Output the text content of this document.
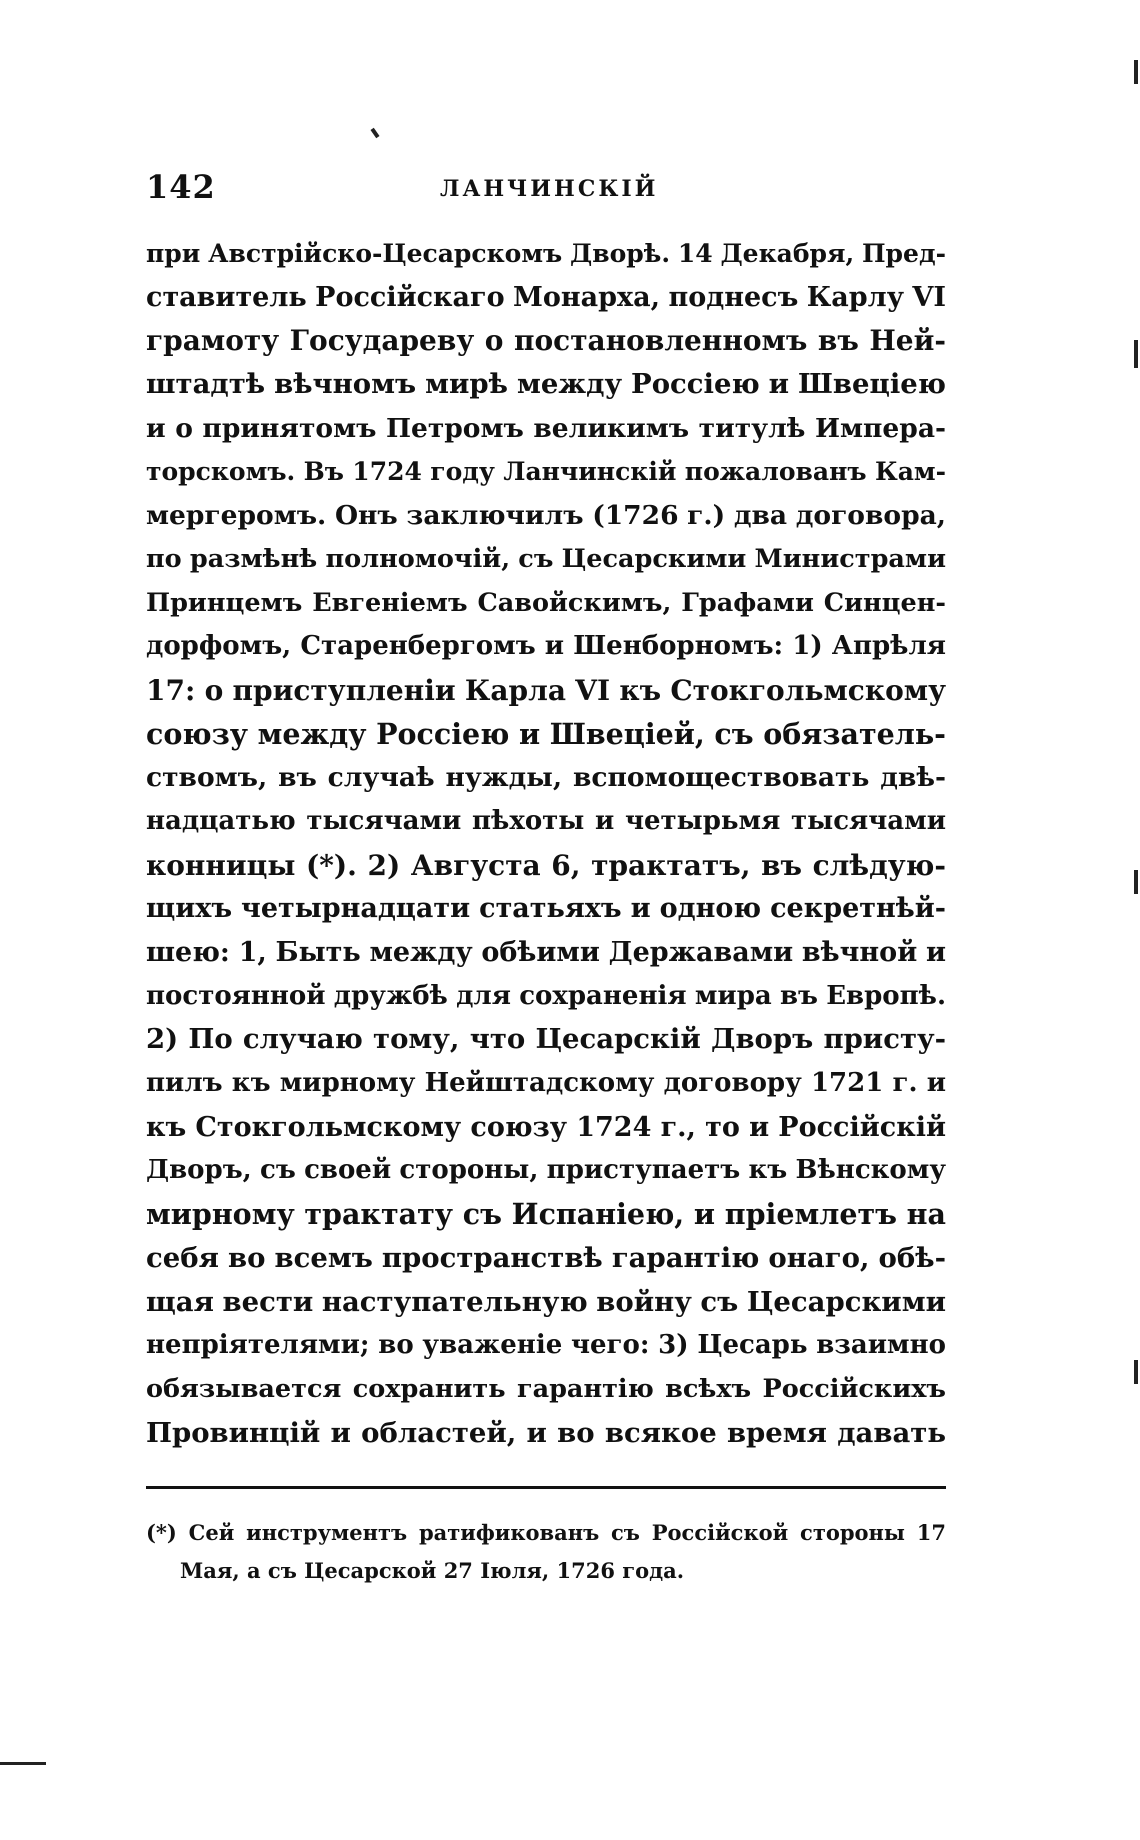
142	ЛАНЧИНСКІЙ
при Австрійско-Цесарскомъ Дворѣ. 14 Декабря, Пред-
ставитель Россійскаго Монарха, поднесъ Карлу VI
грамоту Государеву о постановленномъ въ Ней-
штадтѣ вѣчномъ мирѣ между Россіею и Швеціею
и о принятомъ Петромъ великимъ титулѣ Импера-
торскомъ. Въ 1724 году Ланчинскій пожалованъ Кам-
мергеромъ. Онъ заключилъ (1726 г.) два договора,
по размѣнѣ полномочій, съ Цесарскими Министрами
Принцемъ Евгеніемъ Савойскимъ, Графами Синцен-
дорфомъ, Старенбергомъ и Шенборномъ: 1) Апрѣля
17: о приступленіи Карла VI къ Стокгольмскому
союзу между Россіею и Швеціей, съ обязатель-
ствомъ, въ случаѣ нужды, вспомоществовать двѣ-
надцатью тысячами пѣхоты и четырьмя тысячами
конницы (*). 2) Августа 6, трактатъ, въ слѣдую-
щихъ четырнадцати статьяхъ и одною секретнѣй-
шею: 1, Быть между обѣими Державами вѣчной и
постоянной дружбѣ для сохраненія мира въ Европѣ.
2) По случаю тому, что Цесарскій Дворъ присту-
пилъ къ мирному Нейштадскому договору 1721 г. и
къ Стокгольмскому союзу 1724 г., то и Россійскій
Дворъ, съ своей стороны, приступаетъ къ Вѣнскому
мирному трактату съ Испаніею, и пріемлетъ на
себя во всемъ пространствѣ гарантію онаго, обѣ-
щая вести наступательную войну съ Цесарскими
непріятелями; во уваженіе чего: 3) Цесарь взаимно
обязывается сохранить гарантію всѣхъ Россійскихъ
Провинцій и областей, и во всякое время давать
(*) Сей инструментъ ратификованъ съ Россійской стороны 17
Мая, а съ Цесарской 27 Іюля, 1726 года.
